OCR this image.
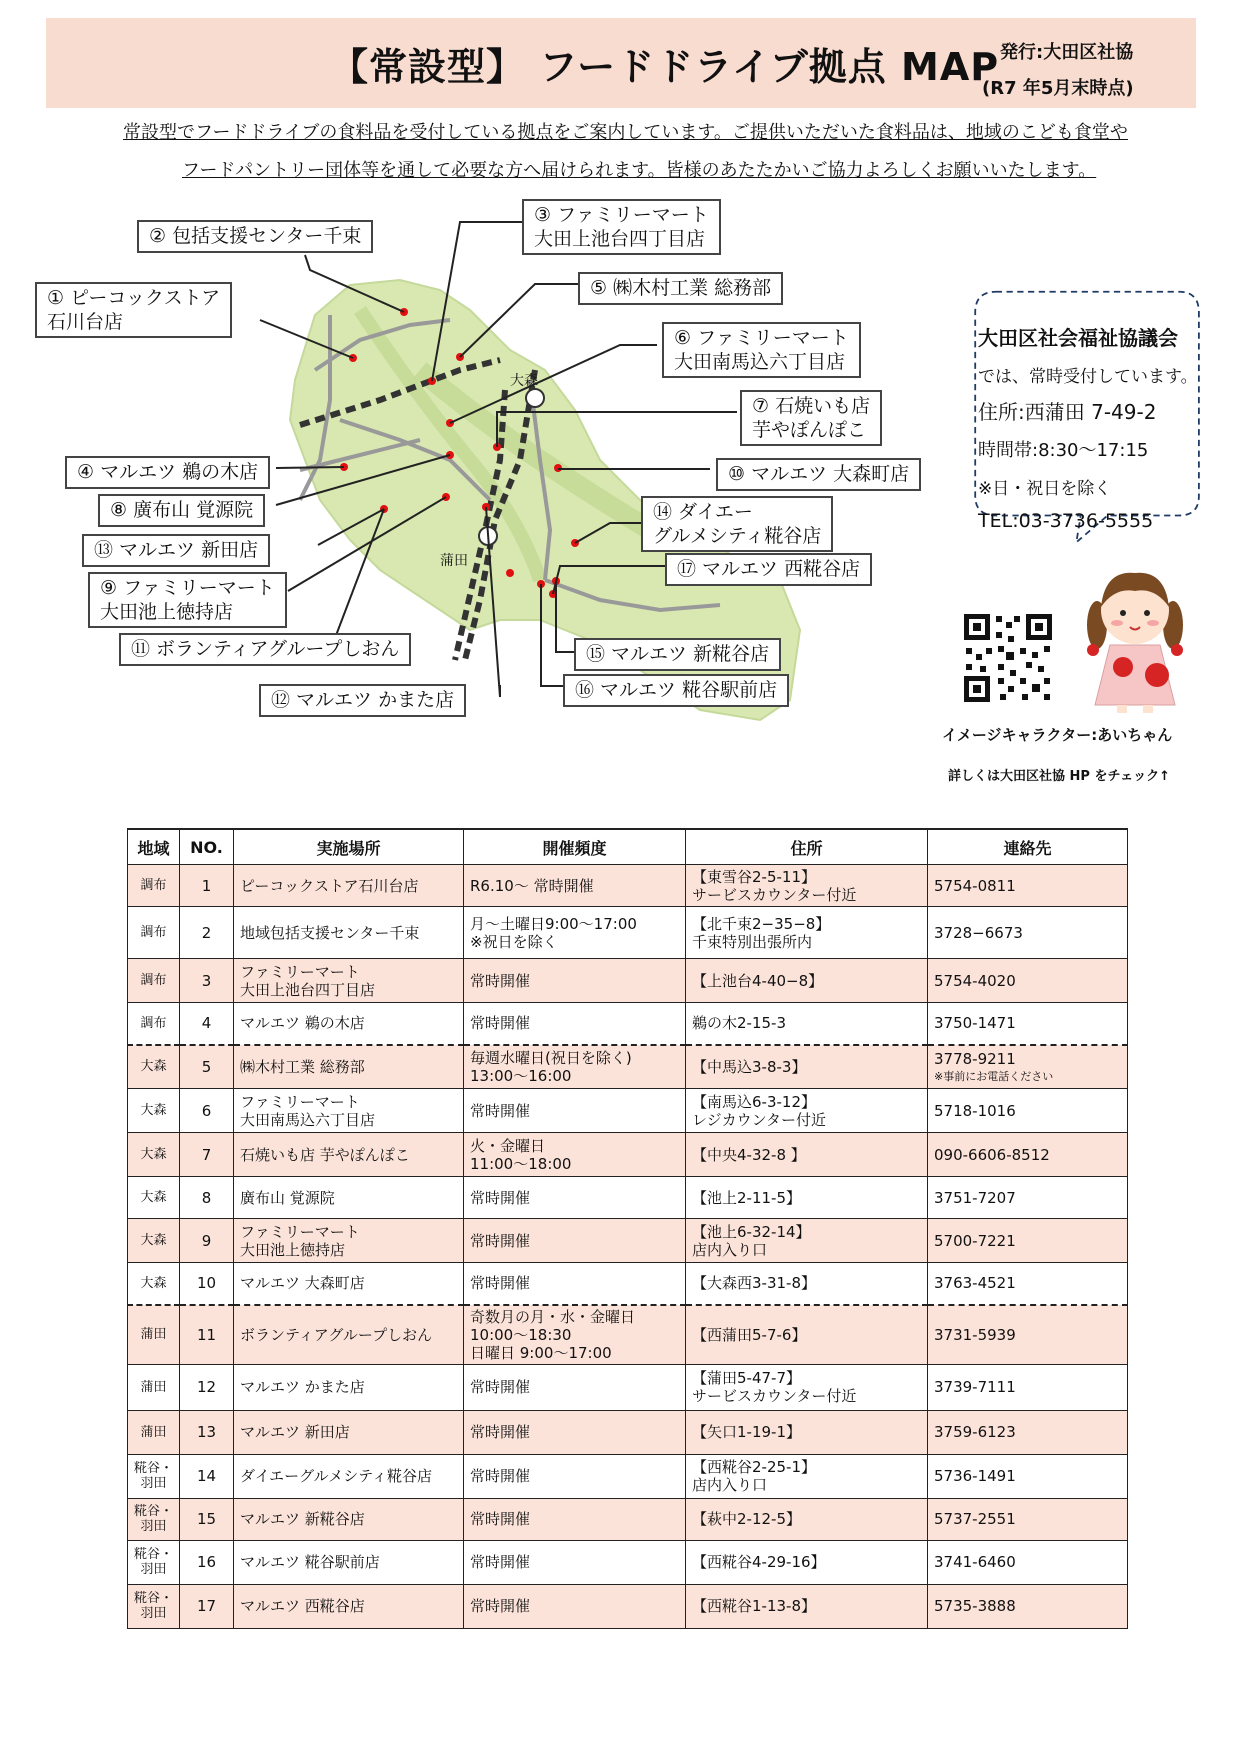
【常設型】 フードドライブ拠点 MAP 発行:大田区社協
(R7 年5月末時点)
常設型でフードドライブの食料品を受付している拠点をご案内しています。ご提供いただいた食料品は、地域のこども食堂や
フードパントリー団体等を通して必要な方へ届けられます。皆様のあたたかいご協力よろしくお願いいたします。
大森
蒲田
① ピーコックストア
石川台店
② 包括支援センター千束
③ ファミリーマート
大田上池台四丁目店
④ マルエツ 鵜の木店
⑤ ㈱木村工業 総務部
⑥ ファミリーマート
大田南馬込六丁目店
⑦ 石焼いも店
芋やぽんぽこ
⑧ 廣布山 覚源院
⑨ ファミリーマート
大田池上徳持店
⑩ マルエツ 大森町店
⑪ ボランティアグループしおん
⑫ マルエツ かまた店
⑬ マルエツ 新田店
⑭ ダイエー
グルメシティ糀谷店
⑮ マルエツ 新糀谷店
⑯ マルエツ 糀谷駅前店
⑰ マルエツ 西糀谷店
大田区社会福祉協議会
では、常時受付しています。
住所:西蒲田 7-49-2
時間帯:8:30〜17:15
※日・祝日を除く
TEL:03-3736-5555
イメージキャラクター:あいちゃん
詳しくは大田区社協 HP をチェック↑
地域	NO.	実施場所	開催頻度	住所	連絡先

調布	1	ピーコックストア石川台店	R6.10〜 常時開催	【東雪谷2-5-11】
サービスカウンター付近	5754-0811

調布	2	地域包括支援センター千束	月〜土曜日9:00〜17:00
※祝日を除く	【北千束2−35−8】
千束特別出張所内	3728−6673

調布	3	ファミリーマート
大田上池台四丁目店	常時開催	【上池台4-40−8】	5754-4020

調布	4	マルエツ 鵜の木店	常時開催	鵜の木2-15-3	3750-1471

大森	5	㈱木村工業 総務部	毎週水曜日(祝日を除く)
13:00〜16:00	【中馬込3-8-3】	3778-9211
※事前にお電話ください

大森	6	ファミリーマート
大田南馬込六丁目店	常時開催	【南馬込6-3-12】
レジカウンター付近	5718-1016

大森	7	石焼いも店 芋やぽんぽこ	火・金曜日
11:00〜18:00	【中央4-32-8 】	090-6606-8512

大森	8	廣布山 覚源院	常時開催	【池上2-11-5】	3751-7207

大森	9	ファミリーマート
大田池上徳持店	常時開催	【池上6-32-14】
店内入り口	5700-7221

大森	10	マルエツ 大森町店	常時開催	【大森西3-31-8】	3763-4521

蒲田	11	ボランティアグループしおん	奇数月の月・水・金曜日
10:00〜18:30
日曜日 9:00〜17:00	【西蒲田5-7-6】	3731-5939

蒲田	12	マルエツ かまた店	常時開催	【蒲田5-47-7】
サービスカウンター付近	3739-7111

蒲田	13	マルエツ 新田店	常時開催	【矢口1-19-1】	3759-6123

糀谷・
羽田	14	ダイエーグルメシティ糀谷店	常時開催	【西糀谷2-25-1】
店内入り口	5736-1491

糀谷・
羽田	15	マルエツ 新糀谷店	常時開催	【萩中2-12-5】	5737-2551

糀谷・
羽田	16	マルエツ 糀谷駅前店	常時開催	【西糀谷4-29-16】	3741-6460

糀谷・
羽田	17	マルエツ 西糀谷店	常時開催	【西糀谷1-13-8】	5735-3888
